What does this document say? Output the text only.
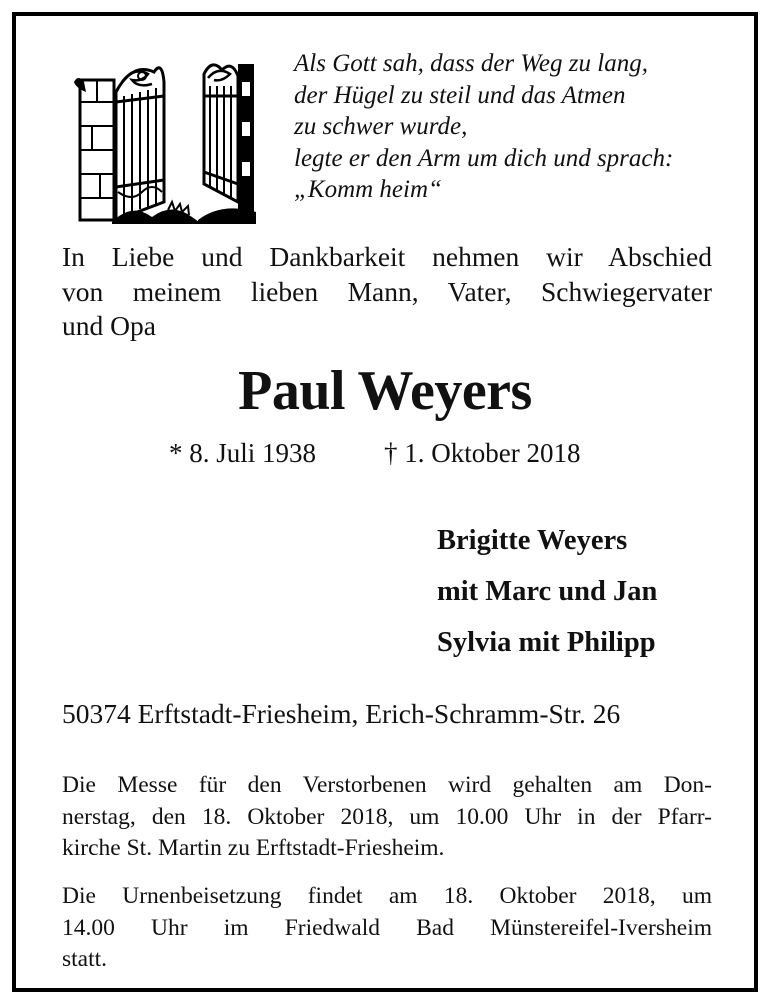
Als Gott sah, dass der Weg zu lang,
der Hügel zu steil und das Atmen
zu schwer wurde,
legte er den Arm um dich und sprach:
„Komm heim“
In Liebe und Dankbarkeit nehmen wir Abschied
von meinem lieben Mann, Vater, Schwiegervater
und Opa
Paul Weyers
* 8. Juli 1938	† 1. Oktober 2018
Brigitte Weyers
mit Marc und Jan
Sylvia mit Philipp
50374 Erftstadt-Friesheim, Erich-Schramm-Str. 26
Die Messe für den Verstorbenen wird gehalten am Don-
nerstag, den 18. Oktober 2018, um 10.00 Uhr in der Pfarr-
kirche St. Martin zu Erftstadt-Friesheim.
Die Urnenbeisetzung findet am 18. Oktober 2018, um
14.00 Uhr im Friedwald Bad Münstereifel-Iversheim
statt.
